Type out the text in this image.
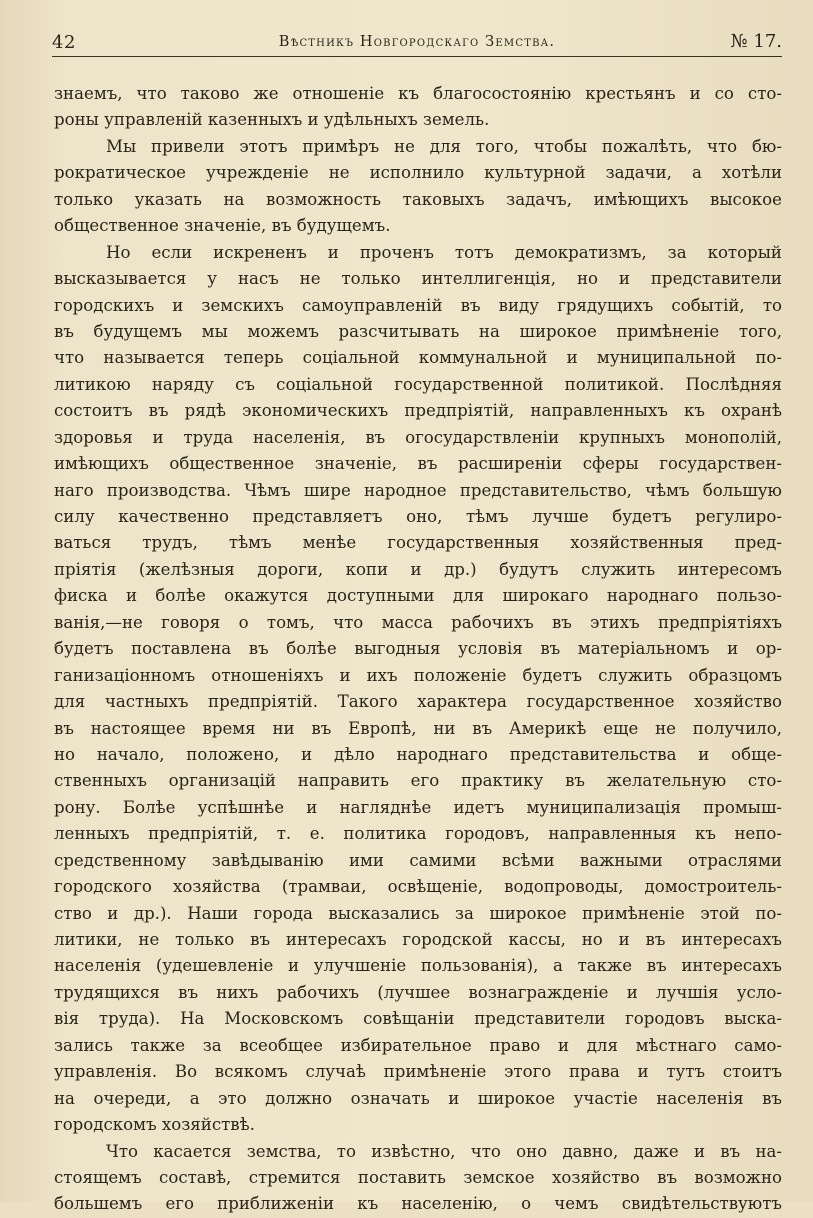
42	Вѣстникъ Новгородскаго Земства.	№ 17.
знаемъ, что таково же отношеніе къ благосостоянію крестьянъ и со сто-
роны управленій казенныхъ и удѣльныхъ земель.
Мы привели этотъ примѣръ не для того, чтобы пожалѣть, что бю-
рократическое учрежденіе не исполнило культурной задачи, а хотѣли
только указать на возможность таковыхъ задачъ, имѣющихъ высокое
общественное значеніе, въ будущемъ.
Но если искрененъ и проченъ тотъ демократизмъ, за который
высказывается у насъ не только интеллигенція, но и представители
городскихъ и земскихъ самоуправленій въ виду грядущихъ событій, то
въ будущемъ мы можемъ разсчитывать на широкое примѣненіе того,
что называется теперь соціальной коммунальной и муниципальной по-
литикою наряду съ соціальной государственной политикой. Послѣдняя
состоитъ въ рядѣ экономическихъ предпріятій, направленныхъ къ охранѣ
здоровья и труда населенія, въ огосударствленіи крупныхъ монополій,
имѣющихъ общественное значеніе, въ расширеніи сферы государствен-
наго производства. Чѣмъ шире народное представительство, чѣмъ большую
силу качественно представляетъ оно, тѣмъ лучше будетъ регулиро-
ваться трудъ, тѣмъ менѣе государственныя хозяйственныя пред-
пріятія (желѣзныя дороги, копи и др.) будутъ служить интересомъ
фиска и болѣе окажутся доступными для широкаго народнаго пользо-
ванія,—не говоря о томъ, что масса рабочихъ въ этихъ предпріятіяхъ
будетъ поставлена въ болѣе выгодныя условія въ матеріальномъ и ор-
ганизаціонномъ отношеніяхъ и ихъ положеніе будетъ служить образцомъ
для частныхъ предпріятій. Такого характера государственное хозяйство
въ настоящее время ни въ Европѣ, ни въ Америкѣ еще не получило,
но начало, положено, и дѣло народнаго представительства и обще-
ственныхъ организацій направить его практику въ желательную сто-
рону. Болѣе успѣшнѣе и нагляднѣе идетъ муниципализація промыш-
ленныхъ предпріятій, т. е. политика городовъ, направленныя къ непо-
средственному завѣдыванію ими самими всѣми важными отраслями
городского хозяйства (трамваи, освѣщеніе, водопроводы, домостроитель-
ство и др.). Наши города высказались за широкое примѣненіе этой по-
литики, не только въ интересахъ городской кассы, но и въ интересахъ
населенія (удешевленіе и улучшеніе пользованія), а также въ интересахъ
трудящихся въ нихъ рабочихъ (лучшее вознагражденіе и лучшія усло-
вія труда). На Московскомъ совѣщаніи представители городовъ выска-
зались также за всеобщее избирательное право и для мѣстнаго само-
управленія. Во всякомъ случаѣ примѣненіе этого права и тутъ стоитъ
на очереди, а это должно означать и широкое участіе населенія въ
городскомъ хозяйствѣ.
Что касается земства, то извѣстно, что оно давно, даже и въ на-
стоящемъ составѣ, стремится поставить земское хозяйство въ возможно
большемъ его приближеніи къ населенію, о чемъ свидѣтельствуютъ
